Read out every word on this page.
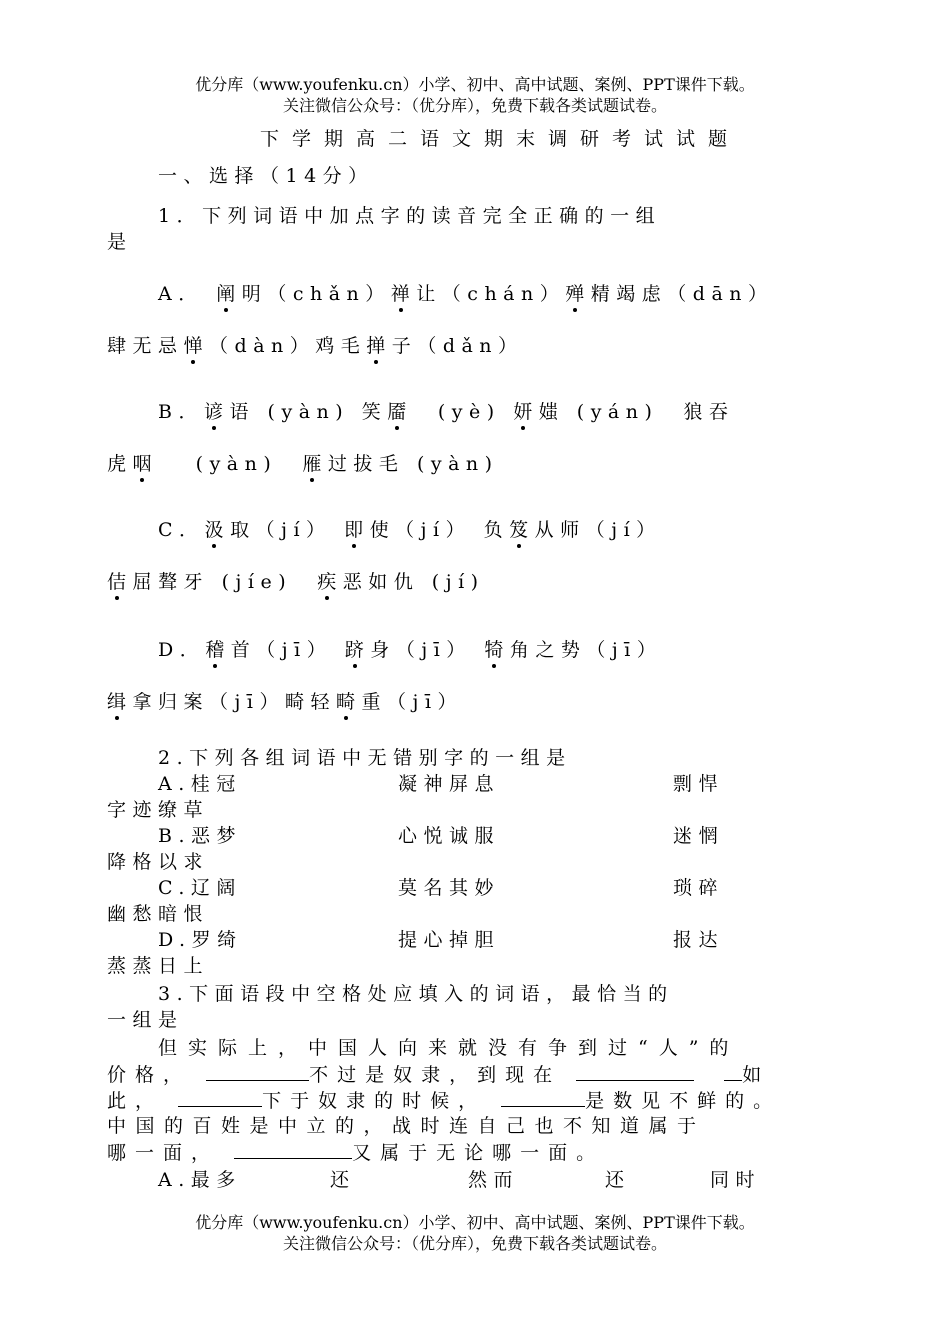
优分库（www.youfenku.cn）小学、初中、高中试题、案例、PPT课件下载。
关注微信公众号：（优分库），免费下载各类试题试卷。
下学期高二语文期末调研考试试题
一、选择（14分）
1．下列词语中加点字的读音完全正确的一组
是
A． 阐明（chǎn）禅让（chán）殚精竭虑（dān）
肆无忌惮（dàn）鸡毛掸子（dǎn）
B．谚语 (yàn) 笑靥 (yè) 妍媸 (yán) 狼吞
虎咽 (yàn) 雁过拔毛 (yàn)
C．汲取（jí） 即使（jí） 负笈从师（jí）
佶屈聱牙 (jíe) 疾恶如仇 (jí)
D．稽首（jī） 跻身（jī） 犄角之势（jī）
缉拿归案（jī）畸轻畸重（jī）
2.下列各组词语中无错别字的一组是
A.桂冠	凝神屏息	剽悍
字迹缭草
B.恶梦	心悦诚服	迷惘
降格以求
C.辽阔	莫名其妙	琐碎
幽愁暗恨
D.罗绮	提心掉胆	报达
蒸蒸日上
3.下面语段中空格处应填入的词语，最恰当的
一组是
但实际上，中国人向来就没有争到过“人”的
价格，	不过是奴隶，到现在	如
此，	下于奴隶的时候，	是数见不鲜的。
中国的百姓是中立的，战时连自己也不知道属于
哪一面，	又属于无论哪一面。
A.最多	还	然而	还	同时
优分库（www.youfenku.cn）小学、初中、高中试题、案例、PPT课件下载。
关注微信公众号：（优分库），免费下载各类试题试卷。
